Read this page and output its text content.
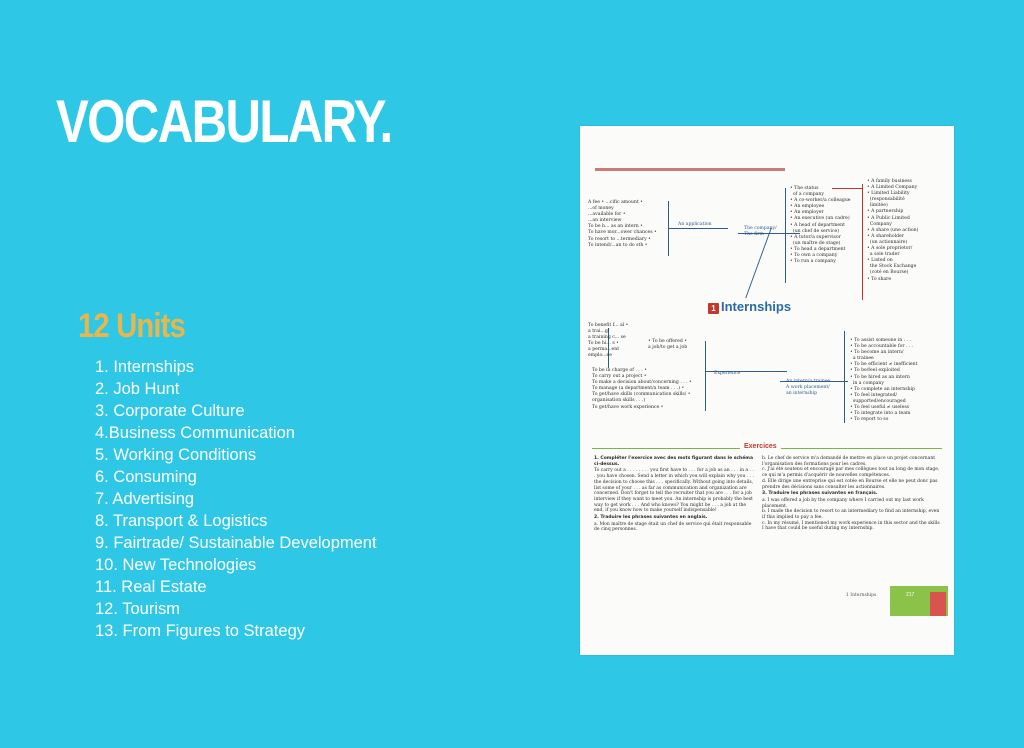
VOCABULARY.
12 Units
1. Internships
2. Job Hunt
3. Corporate Culture
4.Business Communication
5. Working Conditions
6. Consuming
7. Advertising
8. Transport & Logistics
9. Fairtrade/ Sustainable Development
10. New Technologies
11. Real Estate
12. Tourism
13. From Figures to Strategy
A fee • ...cific amount •
...of money
...available for •
...an interview
To be h... as an intern •
To have mor...ower chances •
To resort to ...termediary •
To intend/...an to do sth •
An application
The company/
The firm
• The status
of a company
• A co-worker/a colleague
• An employee
• An employer
• An executive (un cadre)
• A head of department
(un chef de service)
• A tutor/a supervisor
(un maître de stage)
• To head a department
• To own a company
• To run a company
• A family business
• A Limited Company
• Limited Liability
(responsabilité
limitée)
• A partnership
• A Public Limited
Company
• A share (une action)
• A shareholder
(un actionnaire)
• A sole proprietor/
a sole trader
• Listed on
the Stock Exchange
(coté en Bourse)
• To share
1 Internships
To benefit f... al •
a trai...g/
a training c... se
To be hi... s •
a perma...ent
emplo...ee
• To be offered •
a job/to get a job
To be in charge of . . . •
To carry out a project •
To make a decision about/concerning . . . •
To manage (a department/a team . . .) •
To get/have skills (communication skills/ •
organisation skills . . .)
To get/have work experience •
Experience
An intern/a trainee
A work placement/
an internship
• To assist someone in . . .
• To be accountable for . . .
• To become an intern/
a trainee
• To be efficient ≠ inefficient
• To be/feel exploited
• To be hired as an intern
in a company
• To complete an internship
• To feel integrated/
supported/encouraged
• To feel useful ≠ useless
• To integrate into a team
• To report to so
Exercices

1. Compléter l'exercice avec des mots figurant dans le schéma ci-dessus.

To carry out a . . . . . . . . you first have to . . . for a job as an . . . in a . . . you have chosen. Send a letter in which you will explain why you . . . the decision to choose this . . . specifically. Without going into details, list some of your . . . as far as communication and organization are concerned. Don't forget to tell the recruiter that you are . . . for a job interview if they want to meet you. An internship is probably the best way to get work . . . And who knows? You might be . . . a job at the end, if you know how to make yourself indispensable!

2. Traduire les phrases suivantes en anglais.

a. Mon maître de stage était un chef de service qui était responsable de cinq personnes.

b. Le chef de service m'a demandé de mettre en place un projet concernant l'organisation des formations pour les cadres.
c. J'ai été soutenu et encouragé par mes collègues tout au long de mon stage, ce qui m'a permis d'acquérir de nouvelles compétences.
d. Elle dirige une entreprise qui est cotée en Bourse et elle ne peut donc pas prendre des décisions sans consulter les actionnaires.

3. Traduire les phrases suivantes en français.

a. I was offered a job by the company where I carried out my last work placement.
b. I made the decision to resort to an intermediary to find an internship, even if this implied to pay a fee.
c. In my résumé, I mentioned my work experience in this sector and the skills I have that could be useful during my internship.

1 Internships	217
